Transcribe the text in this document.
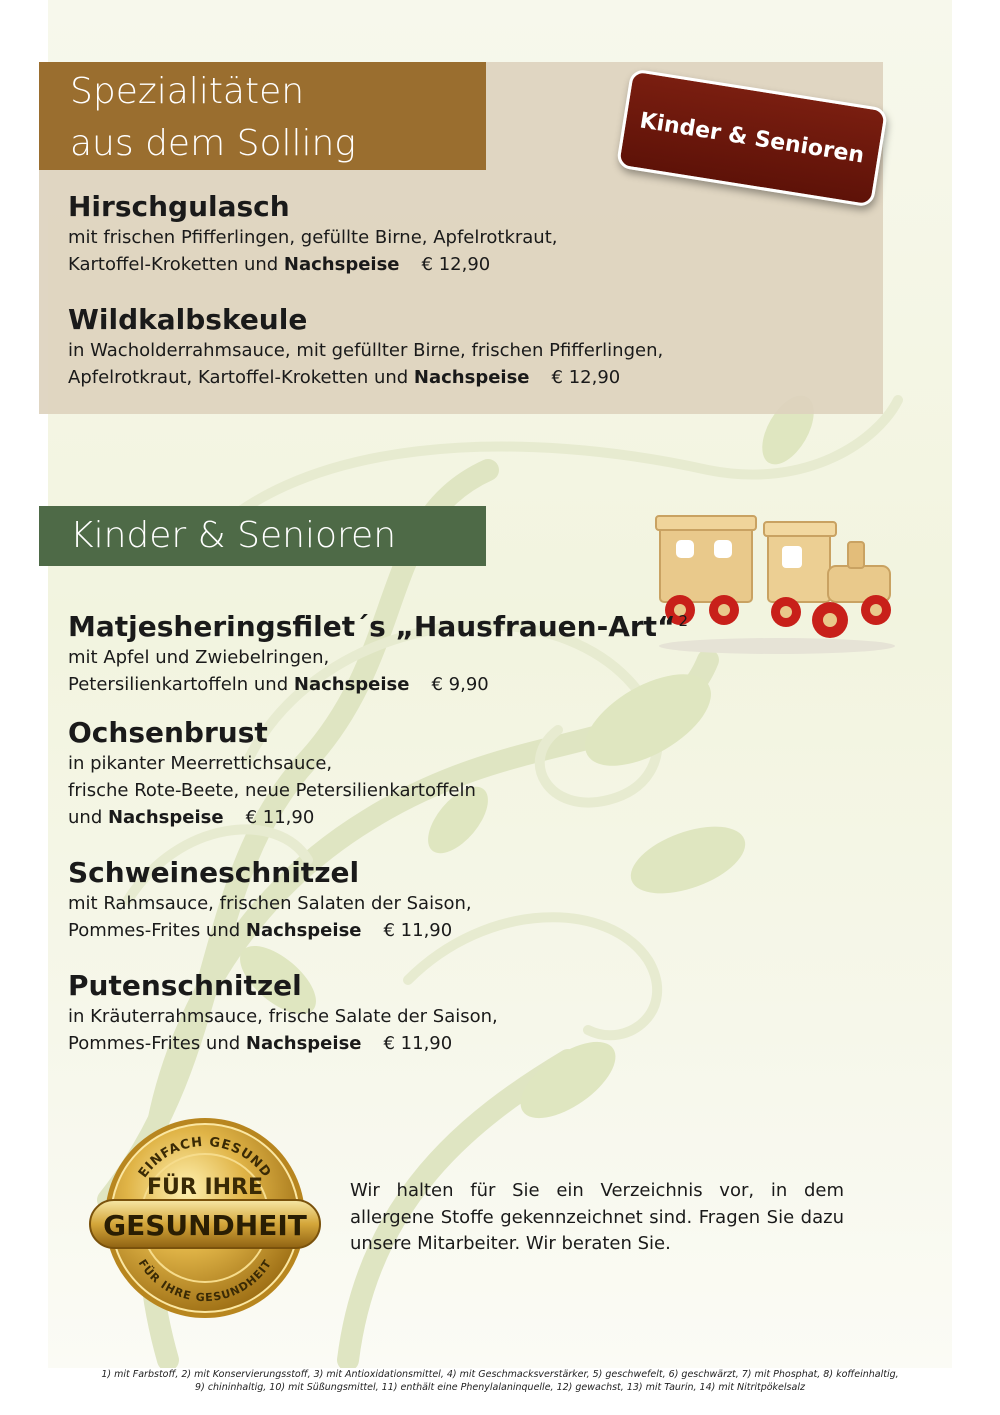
Spezialitäten
aus dem Solling	Kinder & Senioren
Hirschgulasch
mit frischen Pfifferlingen, gefüllte Birne, Apfelrotkraut,
Kartoffel-Kroketten und Nachspeise € 12,90
Wildkalbskeule
in Wacholderrahmsauce, mit gefüllter Birne, frischen Pfifferlingen,
Apfelrotkraut, Kartoffel-Kroketten und Nachspeise € 12,90
Kinder & Senioren
Matjesheringsfilet´s „Hausfrauen-Art“ $^2$
mit Apfel und Zwiebelringen,
Petersilienkartoffeln und Nachspeise € 9,90
Ochsenbrust
in pikanter Meerrettichsauce,
frische Rote-Beete, neue Petersilienkartoffeln
und Nachspeise € 11,90
Schweineschnitzel
mit Rahmsauce, frischen Salaten der Saison,
Pommes-Frites und Nachspeise € 11,90
Putenschnitzel
in Kräuterrahmsauce, frische Salate der Saison,
Pommes-Frites und Nachspeise € 11,90
EINFACH GESUND
FÜR IHRE
GESUNDHEIT
FÜR IHRE GESUNDHEIT
Wir halten für Sie ein Verzeichnis vor, in dem allergene Stoffe gekennzeichnet sind. Fragen Sie dazu unsere Mitarbeiter. Wir beraten Sie.
1) mit Farbstoff, 2) mit Konservierungsstoff, 3) mit Antioxidationsmittel, 4) mit Geschmacksverstärker, 5) geschwefelt, 6) geschwärzt, 7) mit Phosphat, 8) koffeinhaltig,
9) chininhaltig, 10) mit Süßungsmittel, 11) enthält eine Phenylalaninquelle, 12) gewachst, 13) mit Taurin, 14) mit Nitritpökelsalz
